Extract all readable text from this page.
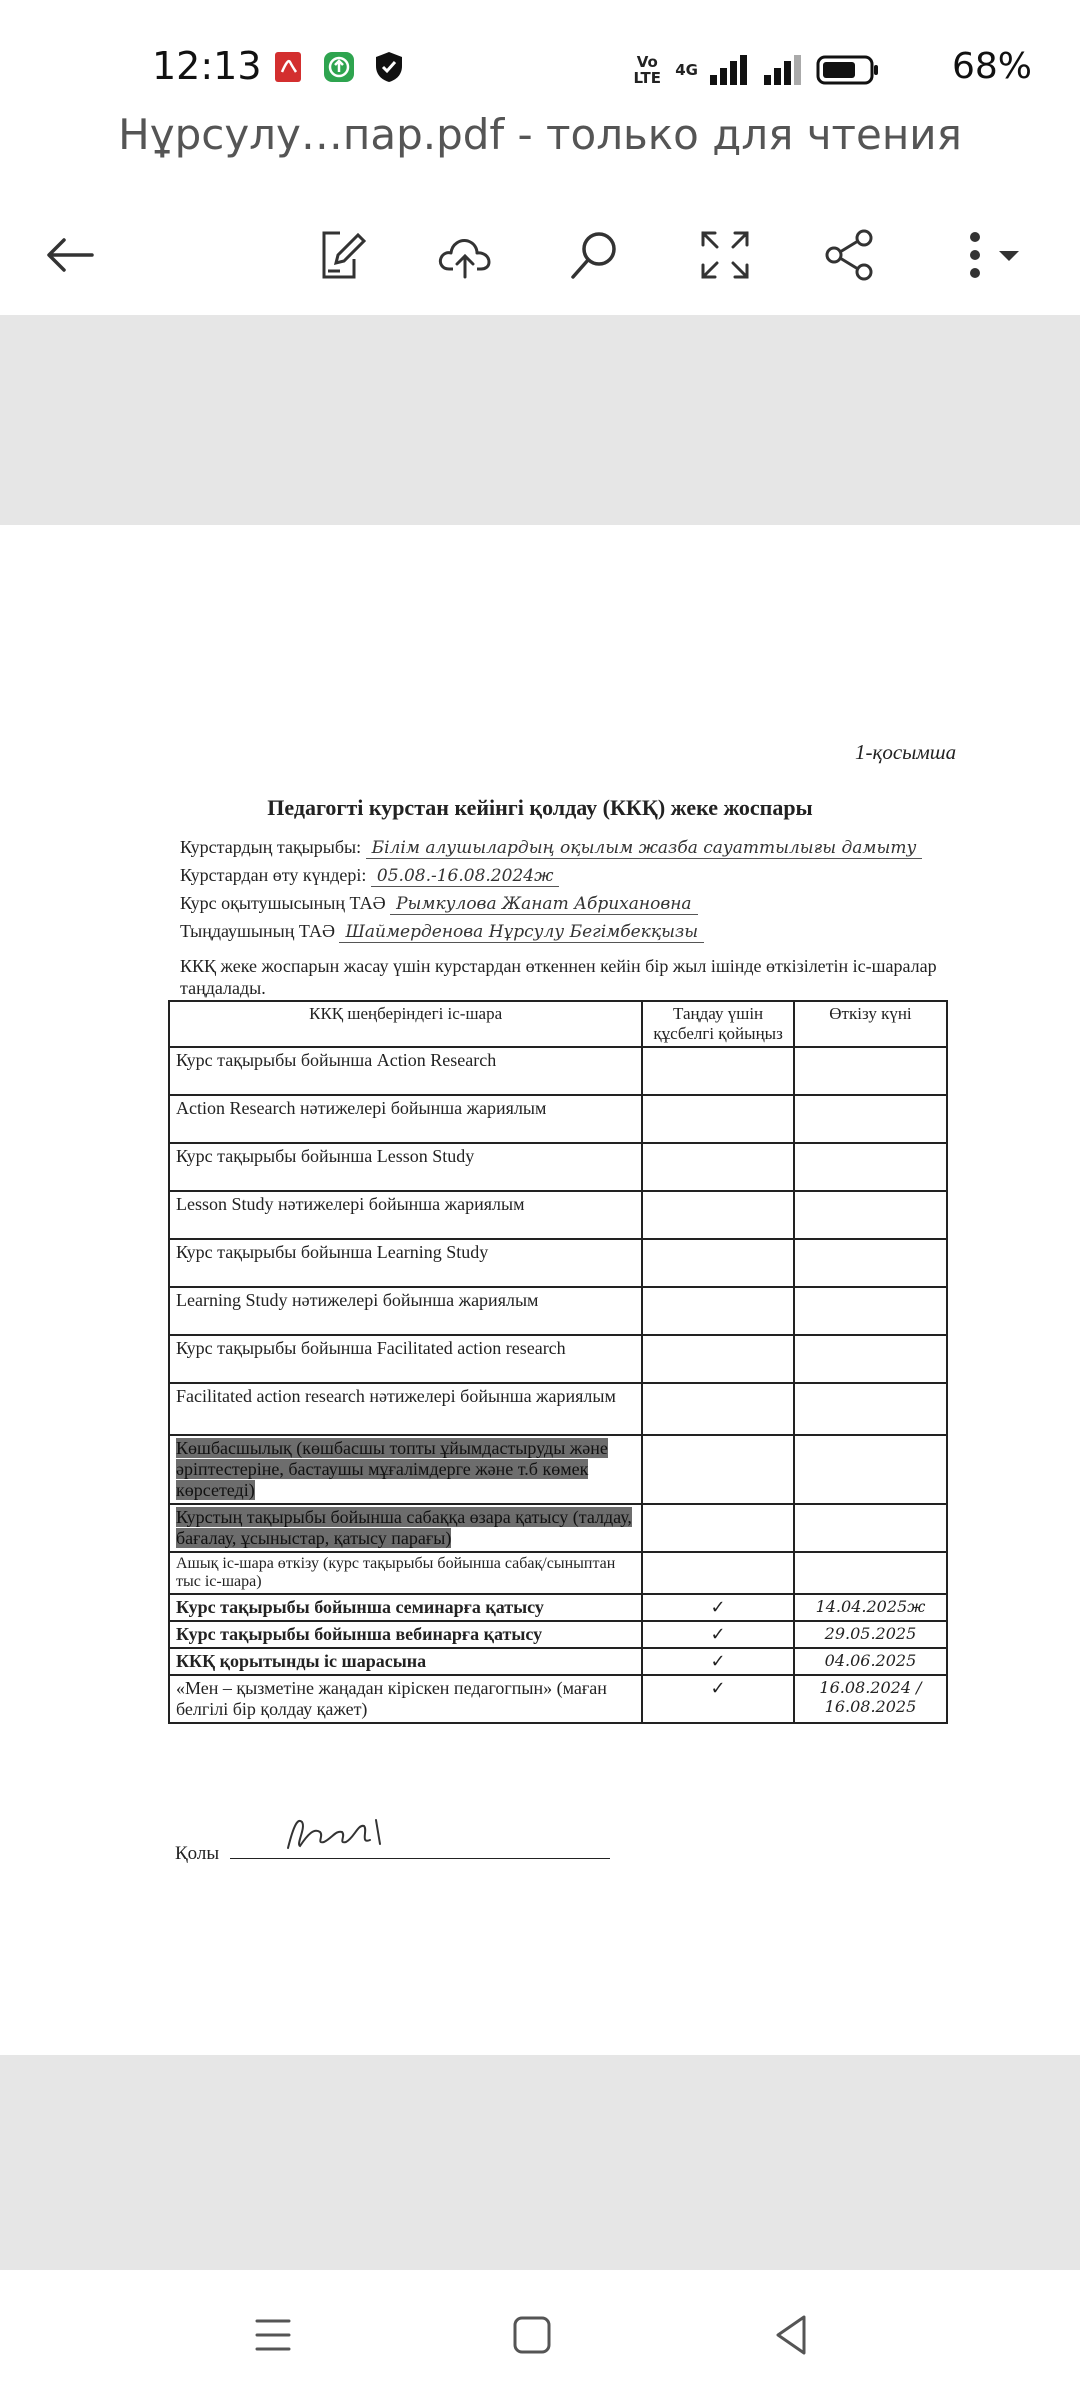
12:13	Vo LTE 4G	68%
Нұрсулу…пар.pdf - только для чтения
1-қосымша
Педагогті курстан кейінгі қолдау (ККҚ) жеке жоспары
Курстардың тақырыбы: Білім алушылардың оқылым жазба сауаттылығы дамыту
Курстардан өту күндері: 05.08.-16.08.2024ж
Курс оқытушысының ТАӘ Рымкулова Жанат Абрихановна
Тыңдаушының ТАӘ Шаймерденова Нұрсулу Бегімбекқызы
ККҚ жеке жоспарын жасау үшін курстардан өткеннен кейін бір жыл ішінде өткізілетін іс-шаралар таңдалады.
ККҚ шеңберіндегі іс-шара	Таңдау үшін құсбелгі қойыңыз	Өткізу күні
Курс тақырыбы бойынша Action Research		
Action Research нәтижелері бойынша жариялым		
Курс тақырыбы бойынша Lesson Study		
Lesson Study нәтижелері бойынша жариялым		
Курс тақырыбы бойынша Learning Study		
Learning Study нәтижелері бойынша жариялым		
Курс тақырыбы бойынша Facilitated action research		
Facilitated action research нәтижелері бойынша жариялым		
Көшбасшылық (көшбасшы топты ұйымдастыруды және әріптестеріне, бастаушы мұғалімдерге және т.б көмек көрсетеді)		
Курстың тақырыбы бойынша сабаққа өзара қатысу (талдау, бағалау, ұсыныстар, қатысу парағы)		
Ашық іс-шара өткізу (курс тақырыбы бойынша сабақ/сыныптан тыс іс-шара)		
Курс тақырыбы бойынша семинарға қатысу	✓	14.04.2025ж
Курс тақырыбы бойынша вебинарға қатысу	✓	29.05.2025
ККҚ қорытынды іс шарасына	✓	04.06.2025
«Мен – қызметіне жаңадан кіріскен педагогпын» (маған белгілі бір қолдау қажет)	✓	16.08.2024 / 16.08.2025
Қолы
